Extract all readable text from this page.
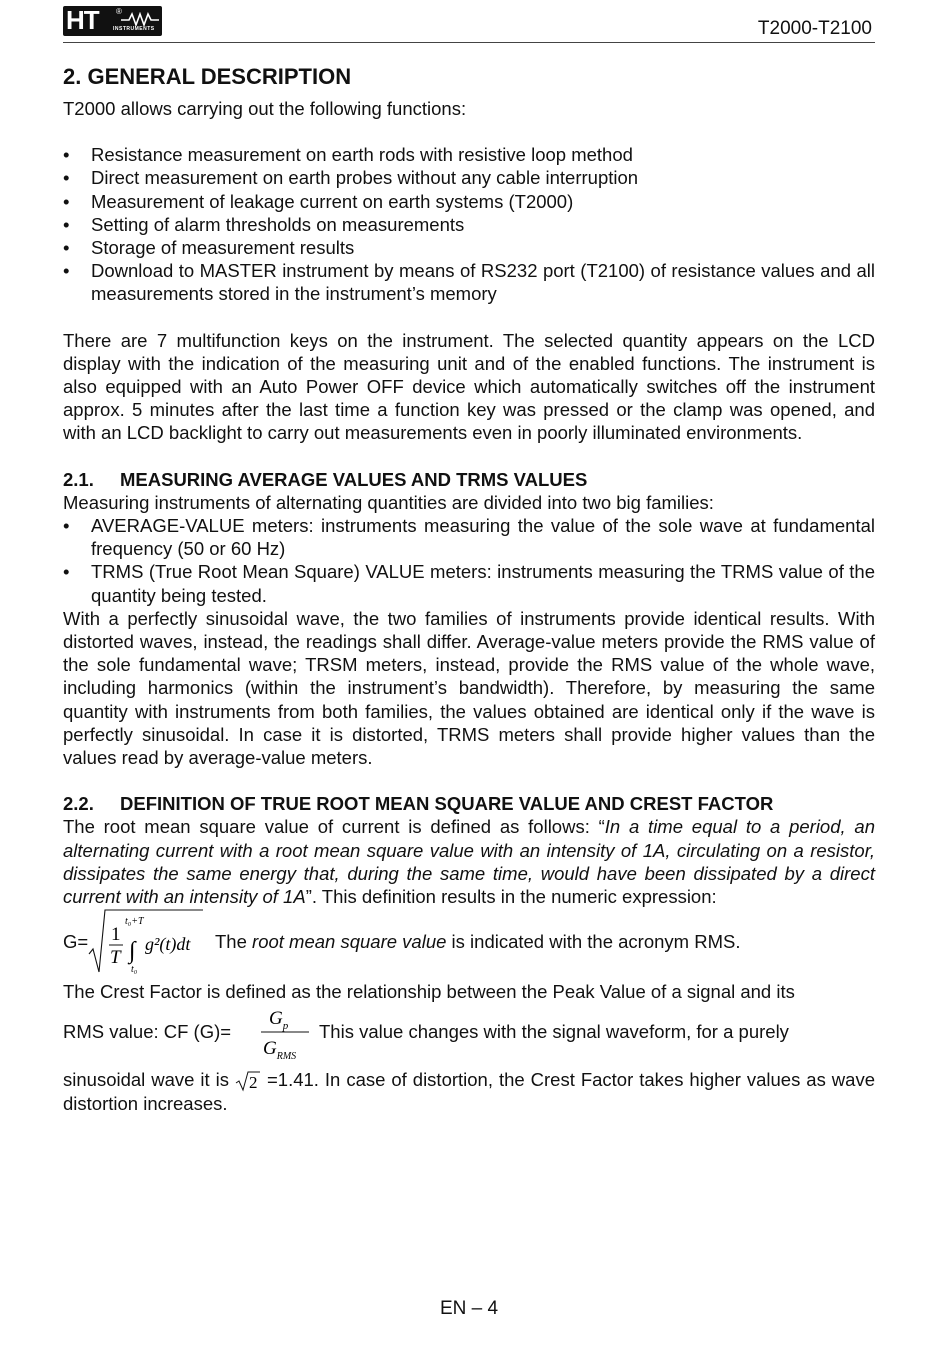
HT ®
INSTRUMENTS	T2000-T2100
2. GENERAL DESCRIPTION

T2000 allows carrying out the following functions:

• Resistance measurement on earth rods with resistive loop method
• Direct measurement on earth probes without any cable interruption
• Measurement of leakage current on earth systems (T2000)
• Setting of alarm thresholds on measurements
• Storage of measurement results
• Download to MASTER instrument by means of RS232 port (T2100) of resistance values and all measurements stored in the instrument’s memory

There are 7 multifunction keys on the instrument. The selected quantity appears on the LCD display with the indication of the measuring unit and of the enabled functions. The instrument is also equipped with an Auto Power OFF device which automatically switches off the instrument approx. 5 minutes after the last time a function key was pressed or the clamp was opened, and with an LCD backlight to carry out measurements even in poorly illuminated environments.

2.1. MEASURING AVERAGE VALUES AND TRMS VALUES

Measuring instruments of alternating quantities are divided into two big families:

• AVERAGE-VALUE meters: instruments measuring the value of the sole wave at fundamental frequency (50 or 60 Hz)
• TRMS (True Root Mean Square) VALUE meters: instruments measuring the TRMS value of the quantity being tested.

With a perfectly sinusoidal wave, the two families of instruments provide identical results. With distorted waves, instead, the readings shall differ. Average-value meters provide the RMS value of the sole fundamental wave; TRSM meters, instead, provide the RMS value of the whole wave, including harmonics (within the instrument’s bandwidth). Therefore, by measuring the same quantity with instruments from both families, the values obtained are identical only if the wave is perfectly sinusoidal. In case it is distorted, TRMS meters shall provide higher values than the values read by average-value meters.

2.2. DEFINITION OF TRUE ROOT MEAN SQUARE VALUE AND CREST FACTOR

The root mean square value of current is defined as follows: “In a time equal to a period, an alternating current with a root mean square value with an intensity of 1A, circulating on a resistor, dissipates the same energy that, during the same time, would have been dissipated by a direct current with an intensity of 1A”. This definition results in the numeric expression:

G= 1
T
t₀+T
∫
t₀
g²(t)dt The root mean square value is indicated with the acronym RMS.

The Crest Factor is defined as the relationship between the Peak Value of a signal and its

RMS value: CF (G)=
$G_p$
$G_{RMS}$
This value changes with the signal waveform, for a purely

sinusoidal wave it is 2 =1.41. In case of distortion, the Crest Factor takes higher values as wave distortion increases.

EN – 4
